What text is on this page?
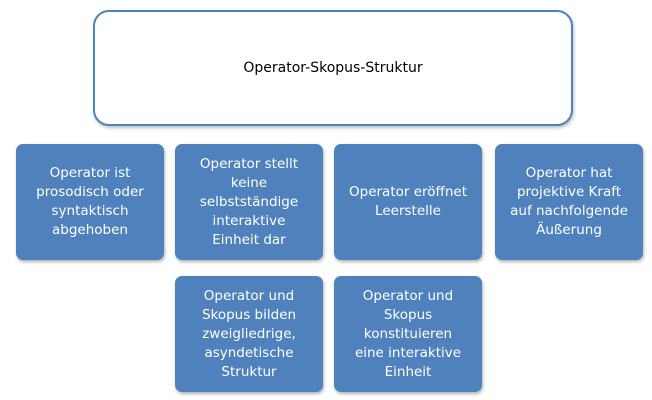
Operator-Skopus-Struktur
Operator ist
prosodisch oder
syntaktisch
abgehoben
Operator stellt
keine
selbstständige
interaktive
Einheit dar
Operator eröffnet
Leerstelle
Operator hat
projektive Kraft
auf nachfolgende
Äußerung
Operator und
Skopus bilden
zweigliedrige,
asyndetische
Struktur
Operator und
Skopus
konstituieren
eine interaktive
Einheit
